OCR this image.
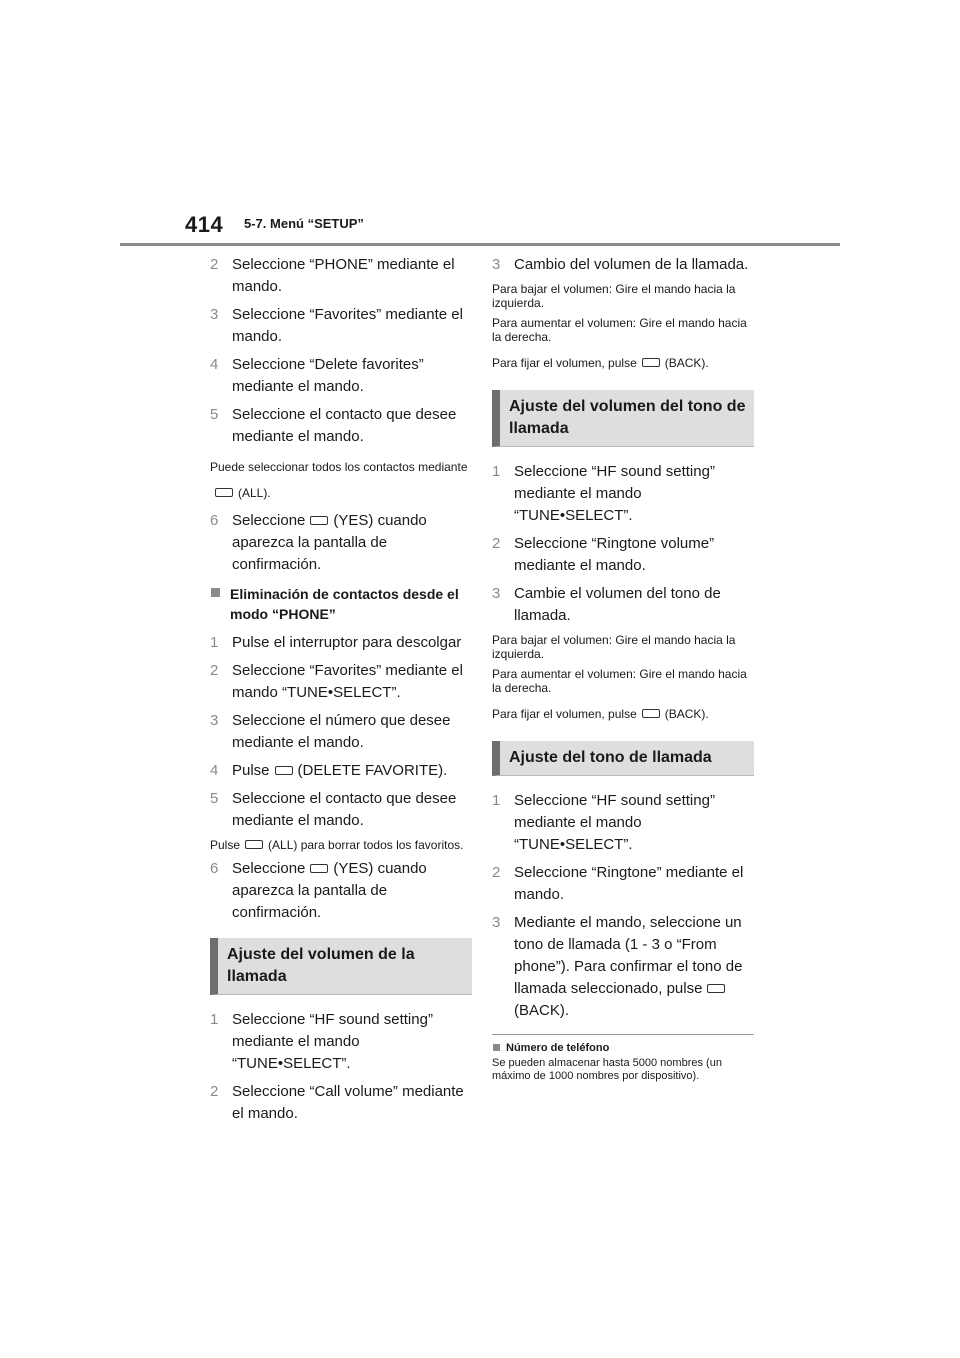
414 5-7. Menú “SETUP”
2 Seleccione “PHONE” mediante el mando.
3 Seleccione “Favorites” mediante el mando.
4 Seleccione “Delete favorites” mediante el mando.
5 Seleccione el contacto que desee mediante el mando.
Puede seleccionar todos los contactos mediante(ALL).
6 Seleccione (YES) cuando aparezca la pantalla de confirmación.
Eliminación de contactos desde el modo “PHONE”
1 Pulse el interruptor para descolgar
2 Seleccione “Favorites” mediante el mando “TUNE•SELECT”.
3 Seleccione el número que desee mediante el mando.
4 Pulse (DELETE FAVORITE).
5 Seleccione el contacto que desee mediante el mando.
Pulse (ALL) para borrar todos los favoritos.
6 Seleccione (YES) cuando aparezca la pantalla de confirmación.
Ajuste del volumen de la llamada
1 Seleccione “HF sound setting” mediante el mando “TUNE•SELECT”.
2 Seleccione “Call volume” mediante el mando.
3 Cambio del volumen de la llamada.
Para bajar el volumen: Gire el mando hacia la izquierda.
Para aumentar el volumen: Gire el mando hacia la derecha.
Para fijar el volumen, pulse (BACK).
Ajuste del volumen del tono de llamada
1 Seleccione “HF sound setting” mediante el mando “TUNE•SELECT”.
2 Seleccione “Ringtone volume” mediante el mando.
3 Cambie el volumen del tono de llamada.
Para bajar el volumen: Gire el mando hacia la izquierda.
Para aumentar el volumen: Gire el mando hacia la derecha.
Para fijar el volumen, pulse (BACK).
Ajuste del tono de llamada
1 Seleccione “HF sound setting” mediante el mando “TUNE•SELECT”.
2 Seleccione “Ringtone” mediante el mando.
3 Mediante el mando, seleccione un tono de llamada (1 - 3 o “From phone”). Para confirmar el tono de llamada seleccionado, pulse(BACK).
Número de teléfono
Se pueden almacenar hasta 5000 nombres (un máximo de 1000 nombres por dispositivo).
